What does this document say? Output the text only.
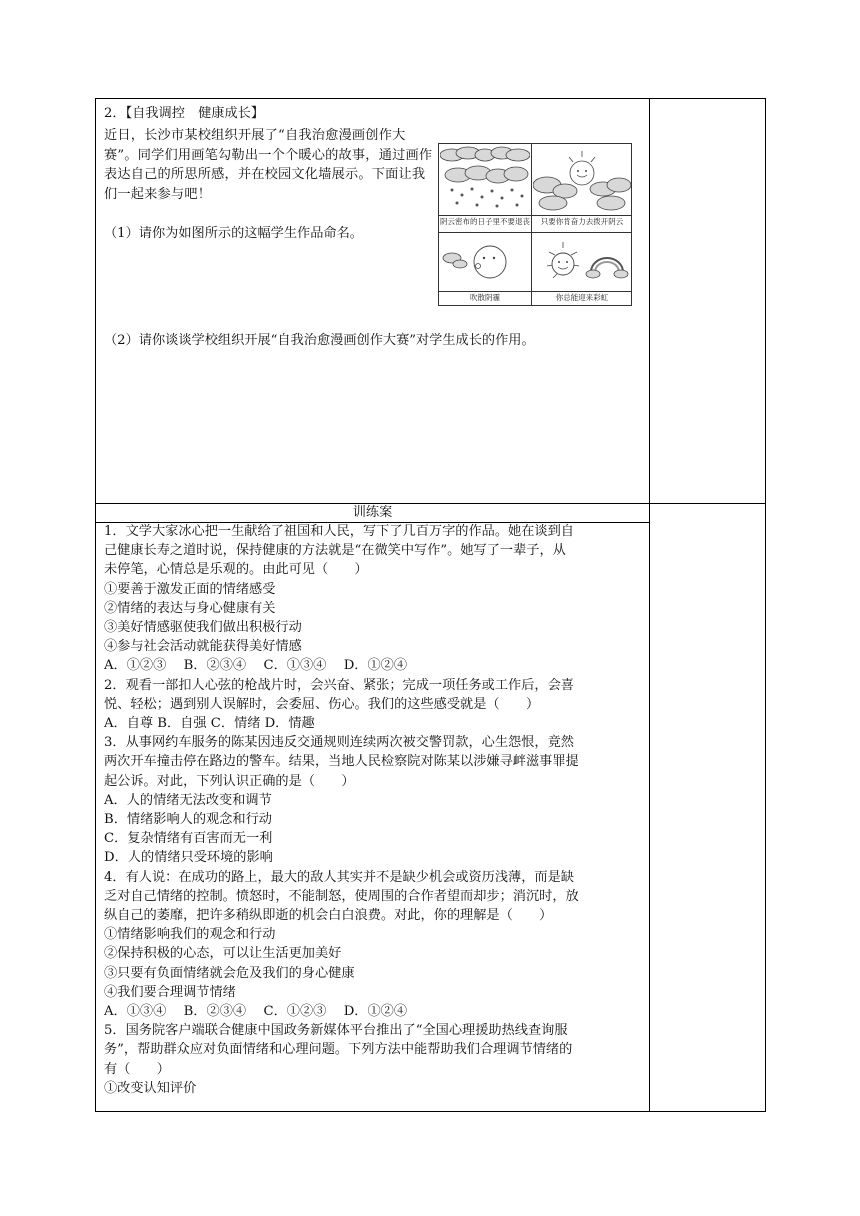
2．【自我调控　健康成长】
近日，长沙市某校组织开展了“自我治愈漫画创作大赛”。同学们用画笔勾勒出一个个暖心的故事，通过画作表达自己的所思所感，并在校园文化墙展示。下面让我们一起来参与吧！
（1）请你为如图所示的这幅学生作品命名。
（2）请你谈谈学校组织开展“自我治愈漫画创作大赛”对学生成长的作用。
训练案

1．文学大家冰心把一生献给了祖国和人民，写下了几百万字的作品。她在谈到自

己健康长寿之道时说，保持健康的方法就是“在微笑中写作”。她写了一辈子，从

未停笔，心情总是乐观的。由此可见（　　）

①要善于激发正面的情绪感受

②情绪的表达与身心健康有关

③美好情感驱使我们做出积极行动

④参与社会活动就能获得美好情感

A．①②③　 B．②③④　 C．①③④　 D．①②④

2．观看一部扣人心弦的枪战片时，会兴奋、紧张；完成一项任务或工作后，会喜

悦、轻松；遇到别人误解时，会委屈、伤心。我们的这些感受就是（　　）

A．自尊 B．自强 C．情绪 D．情趣

3．从事网约车服务的陈某因违反交通规则连续两次被交警罚款，心生怨恨，竟然

两次开车撞击停在路边的警车。结果，当地人民检察院对陈某以涉嫌寻衅滋事罪提

起公诉。对此，下列认识正确的是（　　）

A．人的情绪无法改变和调节

B．情绪影响人的观念和行动

C．复杂情绪有百害而无一利

D．人的情绪只受环境的影响

4．有人说：在成功的路上，最大的敌人其实并不是缺少机会或资历浅薄，而是缺

乏对自己情绪的控制。愤怒时，不能制怒，使周围的合作者望而却步；消沉时，放

纵自己的萎靡，把许多稍纵即逝的机会白白浪费。对此，你的理解是（　　）

①情绪影响我们的观念和行动

②保持积极的心态，可以让生活更加美好

③只要有负面情绪就会危及我们的身心健康

④我们要合理调节情绪

A．①③④　 B．②③④　 C．①②③　 D．①②④

5．国务院客户端联合健康中国政务新媒体平台推出了“全国心理援助热线查询服

务”，帮助群众应对负面情绪和心理问题。下列方法中能帮助我们合理调节情绪的

有（　　）

①改变认知评价

阴云密布的日子里不要退丧	只要你肯奋力去拨开阴云
吹散阴霾	你总能迎来彩虹
